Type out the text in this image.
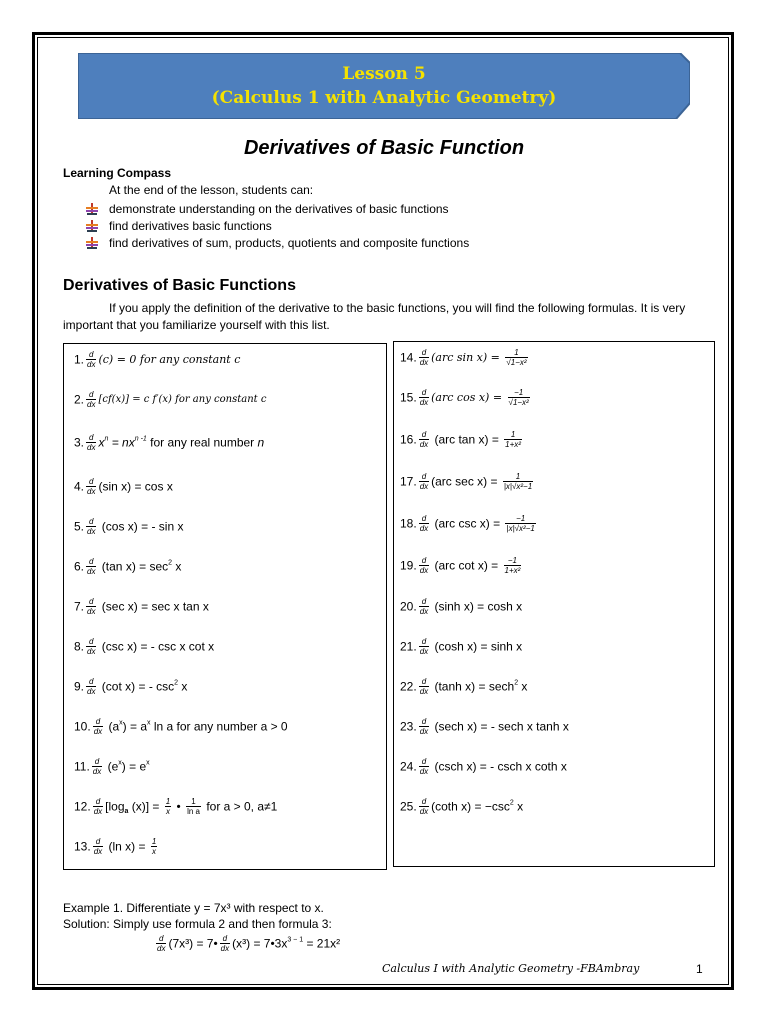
Lesson 5
(Calculus 1 with Analytic Geometry)
Derivatives of Basic Function
Learning Compass
At the end of the lesson, students can:
demonstrate understanding on the derivatives of basic functions
find derivatives basic functions
find derivatives of sum, products, quotients and composite functions
Derivatives of Basic Functions
If you apply the definition of the derivative to the basic functions, you will find the following formulas. It is very important that you familiarize yourself with this list.
1. $\frac{d}{dx} (c) = 0$ for any constant c
2. $\frac{d}{dx} [cf(x)] = c$ f′(x) for any constant c
3. $\frac{d}{dx} x^n = nx^{n -1}$ for any real number n
4. $\frac{d}{dx} (\sin$ x) = cos x
5. $\frac{d}{dx} (\cos$ x) = - sin x
6. $\frac{d}{dx} (\tan$ $x) = \sec^2 x$
7. $\frac{d}{dx} (\sec$ x) = sec x tan x
8. $\frac{d}{dx} (\csc$ x) = - csc x cot x
9. $\frac{d}{dx} (\cot$ x) = - $\csc^2 x$
10. $\frac{d}{dx} (a^x) = a^x$ ln a for any number a > 0
11. $\frac{d}{dx} (e^x) = e^x$
12. $\frac{d}{dx} [\log_a$ $(x)] = \frac{1}{x}$ • $\frac{1}{\text{ln a}}$ for a > 0, a≠1
13. $\frac{d}{dx} (\ln$ $x) = \frac{1}{x}$
14. $\frac{d}{dx} (arc$ $\sin x) = \frac{1}{\text{√1−x²}}$
15. $\frac{d}{dx} (arc$ $\cos x) = \frac{-1}{\text{√1−x²}}$
16. $\frac{d}{dx} (arc$ $\tan x) = \frac{1}{\text{1+x²}}$
17. $\frac{d}{dx} (arc$ $\sec x) = \frac{1}{\text{|x|√x²−1}}$
18. $\frac{d}{dx} (arc$ $\csc x) = \frac{-1}{\text{|x|√x²−1}}$
19. $\frac{d}{dx} (arc$ $\cot x) = \frac{-1}{\text{1+x²}}$
20. $\frac{d}{dx} (\sinh$ x) = cosh x
21. $\frac{d}{dx} (\cosh$ x) = sinh x
22. $\frac{d}{dx} (\tanh$ x) = sech$^2$ x
23. $\frac{d}{dx} (\sec h$ x) = - sech x tanh x
24. $\frac{d}{dx} (\csc h$ x) = - csch x coth x
25. $\frac{d}{dx} (\cot h$ $x) = -\csc^2$ x
Example 1. Differentiate y = 7x³ with respect to x.
Solution: Simply use formula 2 and then formula 3:
$\frac{d}{dx} (7x^3)$ = 7• $\frac{d}{dx} (x^3)$ = $7•3x^{3 - 1} = 21x^2$
Calculus I with Analytic Geometry -FBAmbray	1
